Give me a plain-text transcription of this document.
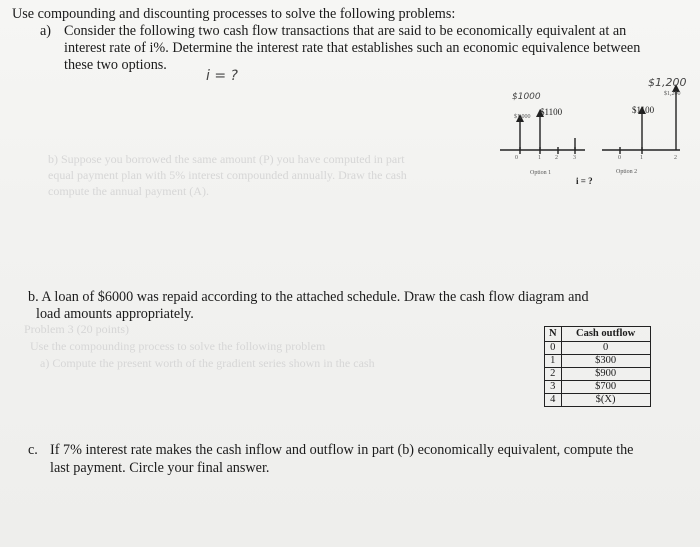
b) Suppose you borrowed the same amount (P) you have computed in part
equal payment plan with 5% interest compounded annually. Draw the cash
compute the annual payment (A).
Problem 3 (20 points)
Use the compounding process to solve the following problem
a) Compute the present worth of the gradient series shown in the cash
Use compounding and discounting processes to solve the following problems:
a) Consider the following two cash flow transactions that are said to be economically equivalent at an
interest rate of i%. Determine the interest rate that establishes such an economic equivalence between
these two options.
i = ?
$1000
$1100	$1100
$1,200
$1,200
$1,000
Option 1	Option 2
i = ?
0	1 2	3	0	1	2
b. A loan of $6000 was repaid according to the attached schedule. Draw the cash flow diagram and
load amounts appropriately.
N	Cash outflow
0	0
1	$300
2	$900
3	$700
4	$(X)
c. If 7% interest rate makes the cash inflow and outflow in part (b) economically equivalent, compute the
last payment. Circle your final answer.
